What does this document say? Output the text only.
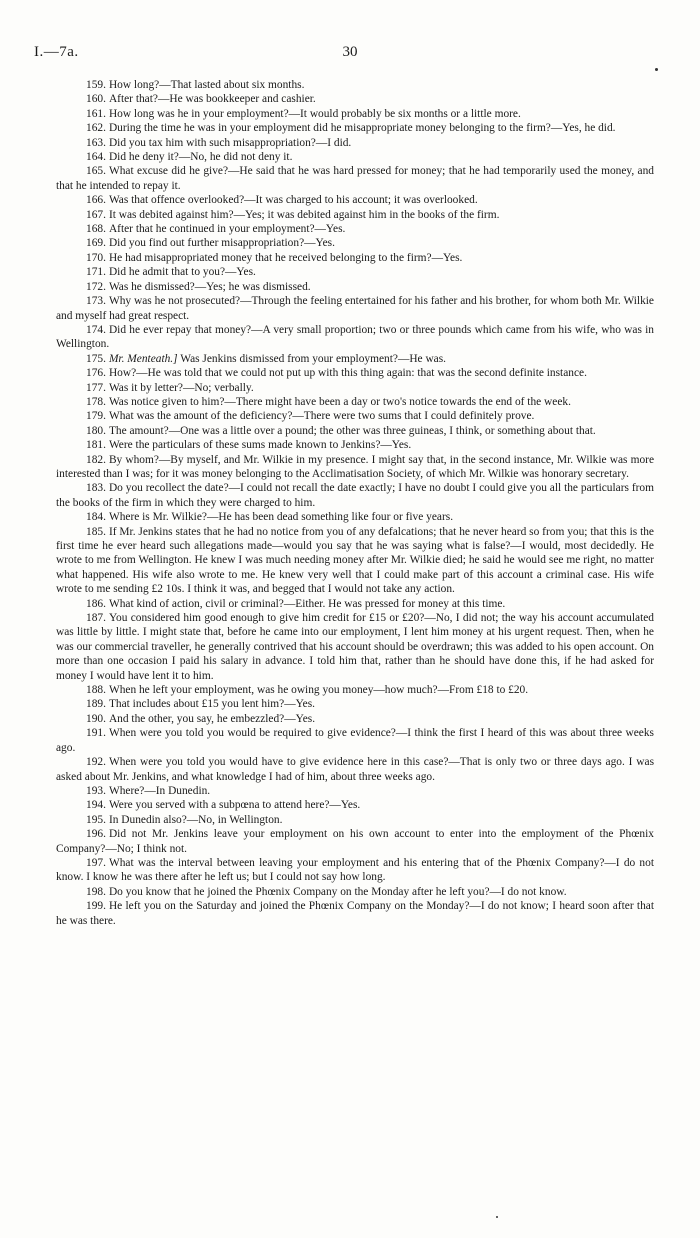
I.—7a.	30

159. How long?—That lasted about six months.

160. After that?—He was bookkeeper and cashier.

161. How long was he in your employment?—It would probably be six months or a little more.

162. During the time he was in your employment did he misappropriate money belonging to the firm?—Yes, he did.

163. Did you tax him with such misappropriation?—I did.

164. Did he deny it?—No, he did not deny it.

165. What excuse did he give?—He said that he was hard pressed for money; that he had temporarily used the money, and that he intended to repay it.

166. Was that offence overlooked?—It was charged to his account; it was overlooked.

167. It was debited against him?—Yes; it was debited against him in the books of the firm.

168. After that he continued in your employment?—Yes.

169. Did you find out further misappropriation?—Yes.

170. He had misappropriated money that he received belonging to the firm?—Yes.

171. Did he admit that to you?—Yes.

172. Was he dismissed?—Yes; he was dismissed.

173. Why was he not prosecuted?—Through the feeling entertained for his father and his brother, for whom both Mr. Wilkie and myself had great respect.

174. Did he ever repay that money?—A very small proportion; two or three pounds which came from his wife, who was in Wellington.

175. Mr. Menteath.] Was Jenkins dismissed from your employment?—He was.

176. How?—He was told that we could not put up with this thing again: that was the second definite instance.

177. Was it by letter?—No; verbally.

178. Was notice given to him?—There might have been a day or two's notice towards the end of the week.

179. What was the amount of the deficiency?—There were two sums that I could definitely prove.

180. The amount?—One was a little over a pound; the other was three guineas, I think, or something about that.

181. Were the particulars of these sums made known to Jenkins?—Yes.

182. By whom?—By myself, and Mr. Wilkie in my presence. I might say that, in the second instance, Mr. Wilkie was more interested than I was; for it was money belonging to the Acclimatisation Society, of which Mr. Wilkie was honorary secretary.

183. Do you recollect the date?—I could not recall the date exactly; I have no doubt I could give you all the particulars from the books of the firm in which they were charged to him.

184. Where is Mr. Wilkie?—He has been dead something like four or five years.

185. If Mr. Jenkins states that he had no notice from you of any defalcations; that he never heard so from you; that this is the first time he ever heard such allegations made—would you say that he was saying what is false?—I would, most decidedly. He wrote to me from Wellington. He knew I was much needing money after Mr. Wilkie died; he said he would see me right, no matter what happened. His wife also wrote to me. He knew very well that I could make part of this account a criminal case. His wife wrote to me sending £2 10s. I think it was, and begged that I would not take any action.

186. What kind of action, civil or criminal?—Either. He was pressed for money at this time.

187. You considered him good enough to give him credit for £15 or £20?—No, I did not; the way his account accumulated was little by little. I might state that, before he came into our employment, I lent him money at his urgent request. Then, when he was our commercial traveller, he generally contrived that his account should be overdrawn; this was added to his open account. On more than one occasion I paid his salary in advance. I told him that, rather than he should have done this, if he had asked for money I would have lent it to him.

188. When he left your employment, was he owing you money—how much?—From £18 to £20.

189. That includes about £15 you lent him?—Yes.

190. And the other, you say, he embezzled?—Yes.

191. When were you told you would be required to give evidence?—I think the first I heard of this was about three weeks ago.

192. When were you told you would have to give evidence here in this case?—That is only two or three days ago. I was asked about Mr. Jenkins, and what knowledge I had of him, about three weeks ago.

193. Where?—In Dunedin.

194. Were you served with a subpœna to attend here?—Yes.

195. In Dunedin also?—No, in Wellington.

196. Did not Mr. Jenkins leave your employment on his own account to enter into the employment of the Phœnix Company?—No; I think not.

197. What was the interval between leaving your employment and his entering that of the Phœnix Company?—I do not know. I know he was there after he left us; but I could not say how long.

198. Do you know that he joined the Phœnix Company on the Monday after he left you?—I do not know.

199. He left you on the Saturday and joined the Phœnix Company on the Monday?—I do not know; I heard soon after that he was there.
